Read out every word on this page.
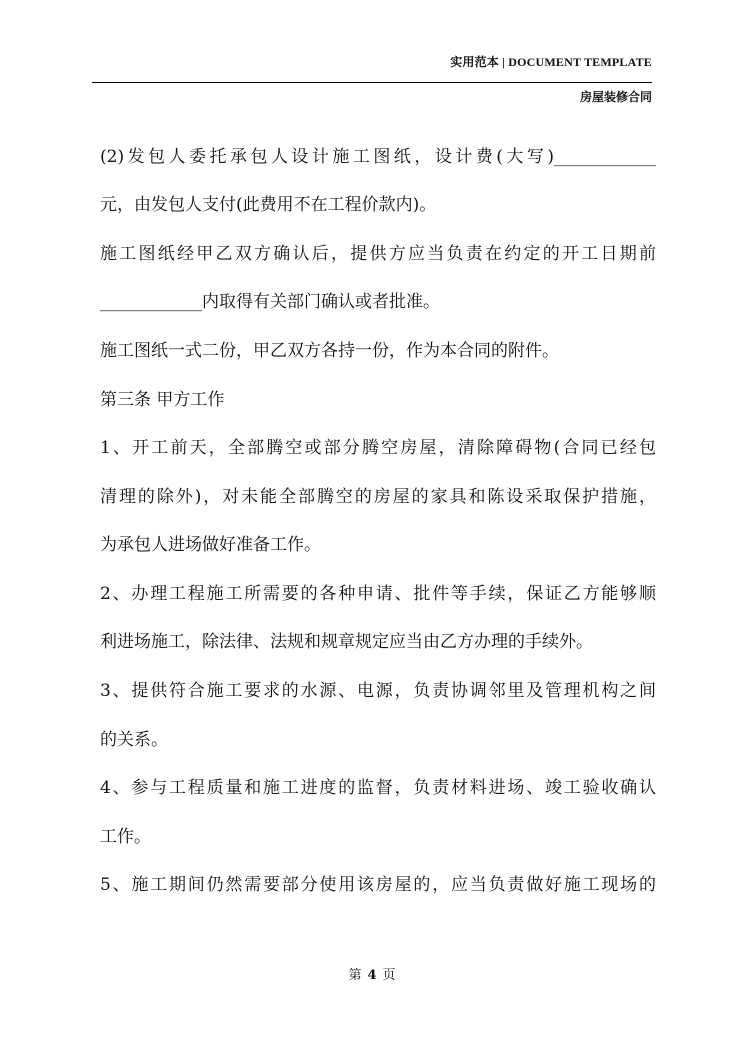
实用范本 | DOCUMENT TEMPLATE
房屋装修合同
(2)发包人委托承包人设计施工图纸，设计费(大写)____________
元，由发包人支付(此费用不在工程价款内)。
施工图纸经甲乙双方确认后，提供方应当负责在约定的开工日期前
____________内取得有关部门确认或者批准。
施工图纸一式二份，甲乙双方各持一份，作为本合同的附件。
第三条 甲方工作
1、开工前天，全部腾空或部分腾空房屋，清除障碍物(合同已经包
清理的除外)，对未能全部腾空的房屋的家具和陈设采取保护措施，
为承包人进场做好准备工作。
2、办理工程施工所需要的各种申请、批件等手续，保证乙方能够顺
利进场施工，除法律、法规和规章规定应当由乙方办理的手续外。
3、提供符合施工要求的水源、电源，负责协调邻里及管理机构之间
的关系。
4、参与工程质量和施工进度的监督，负责材料进场、竣工验收确认
工作。
5、施工期间仍然需要部分使用该房屋的，应当负责做好施工现场的
第 4 页
